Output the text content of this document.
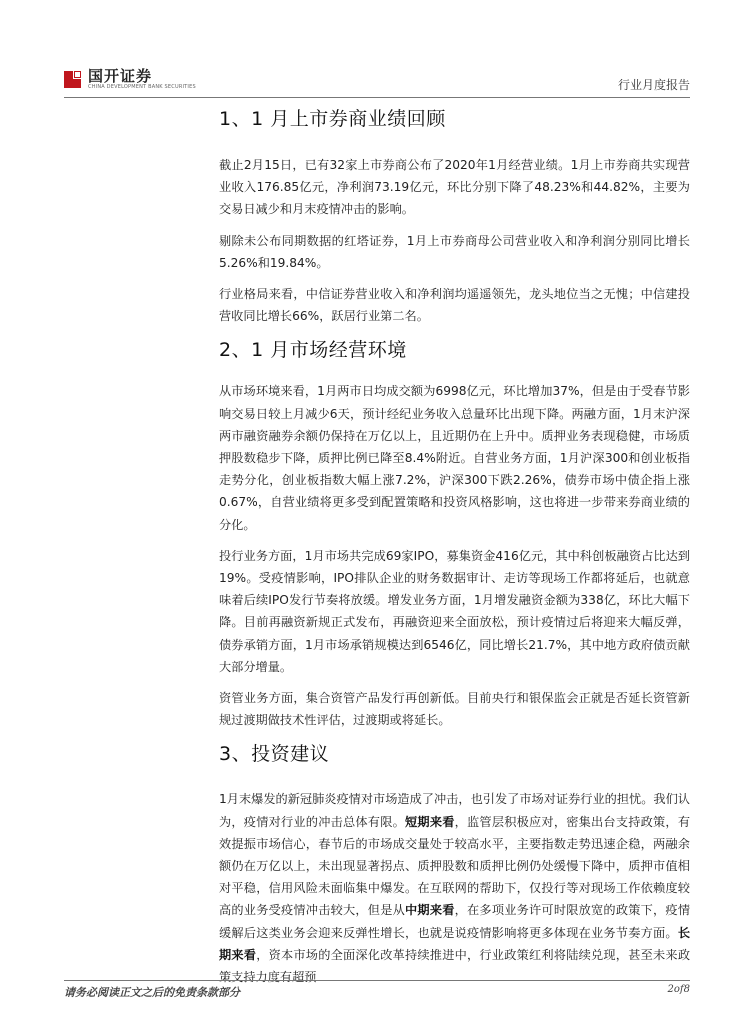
国开证券
CHINA DEVELOPMENT BANK SECURITIES	行业月度报告
1、1 月上市券商业绩回顾

截止2月15日，已有32家上市券商公布了2020年1月经营业绩。1月上市券商共实现营业收入176.85亿元，净利润73.19亿元，环比分别下降了48.23%和44.82%，主要为交易日减少和月末疫情冲击的影响。

剔除未公布同期数据的红塔证券，1月上市券商母公司营业收入和净利润分别同比增长5.26%和19.84%。

行业格局来看，中信证券营业收入和净利润均遥遥领先，龙头地位当之无愧；中信建投营收同比增长66%，跃居行业第二名。

2、1 月市场经营环境

从市场环境来看，1月两市日均成交额为6998亿元，环比增加37%，但是由于受春节影响交易日较上月减少6天，预计经纪业务收入总量环比出现下降。两融方面，1月末沪深两市融资融券余额仍保持在万亿以上，且近期仍在上升中。质押业务表现稳健，市场质押股数稳步下降，质押比例已降至8.4%附近。自营业务方面，1月沪深300和创业板指走势分化，创业板指数大幅上涨7.2%，沪深300下跌2.26%，债券市场中债企指上涨0.67%，自营业绩将更多受到配置策略和投资风格影响，这也将进一步带来券商业绩的分化。

投行业务方面，1月市场共完成69家IPO，募集资金416亿元，其中科创板融资占比达到19%。受疫情影响，IPO排队企业的财务数据审计、走访等现场工作都将延后，也就意味着后续IPO发行节奏将放缓。增发业务方面，1月增发融资金额为338亿，环比大幅下降。目前再融资新规正式发布，再融资迎来全面放松，预计疫情过后将迎来大幅反弹，债券承销方面，1月市场承销规模达到6546亿，同比增长21.7%，其中地方政府债贡献大部分增量。

资管业务方面，集合资管产品发行再创新低。目前央行和银保监会正就是否延长资管新规过渡期做技术性评估，过渡期或将延长。

3、投资建议

1月末爆发的新冠肺炎疫情对市场造成了冲击，也引发了市场对证券行业的担忧。我们认为，疫情对行业的冲击总体有限。短期来看，监管层积极应对，密集出台支持政策，有效提振市场信心，春节后的市场成交量处于较高水平，主要指数走势迅速企稳，两融余额仍在万亿以上，未出现显著拐点、质押股数和质押比例仍处缓慢下降中，质押市值相对平稳，信用风险未面临集中爆发。在互联网的帮助下，仅投行等对现场工作依赖度较高的业务受疫情冲击较大，但是从中期来看，在多项业务许可时限放宽的政策下，疫情缓解后这类业务会迎来反弹性增长，也就是说疫情影响将更多体现在业务节奏方面。长期来看，资本市场的全面深化改革持续推进中，行业政策红利将陆续兑现，甚至未来政策支持力度有超预

请务必阅读正文之后的免责条款部分	2of8
